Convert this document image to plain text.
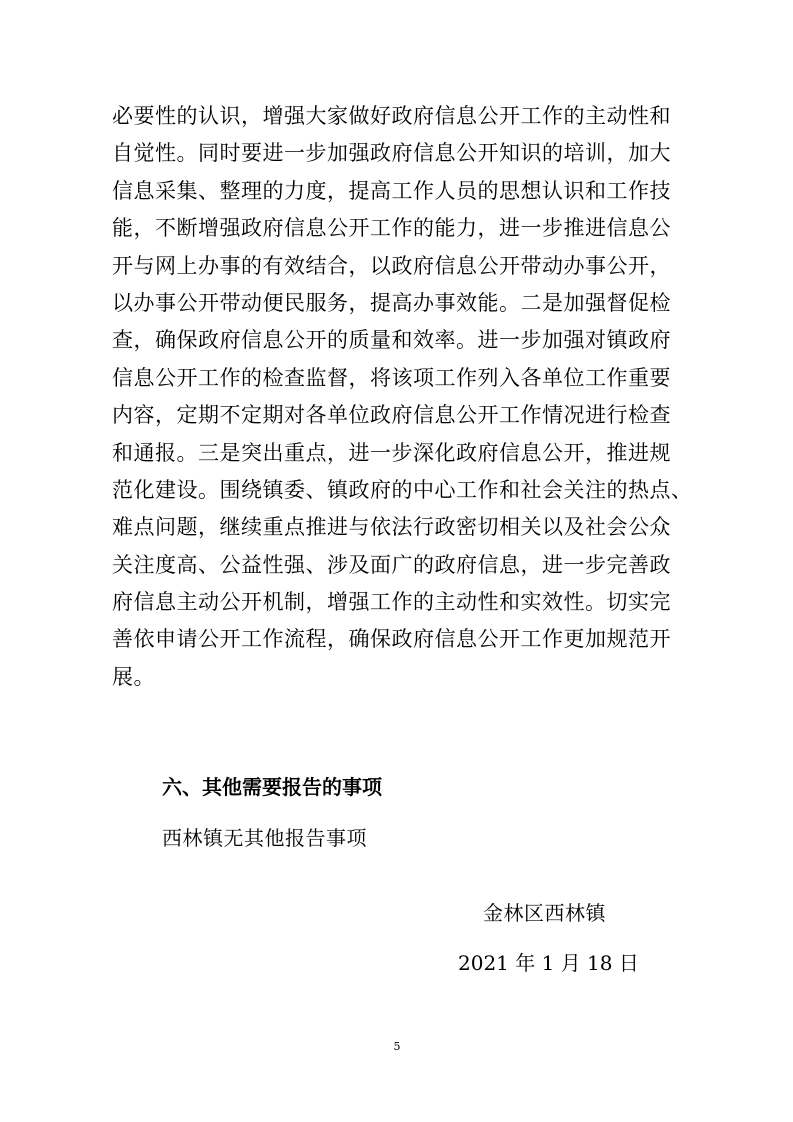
必要性的认识，增强大家做好政府信息公开工作的主动性和
自觉性。同时要进一步加强政府信息公开知识的培训，加大
信息采集、整理的力度，提高工作人员的思想认识和工作技
能，不断增强政府信息公开工作的能力，进一步推进信息公
开与网上办事的有效结合，以政府信息公开带动办事公开，
以办事公开带动便民服务，提高办事效能。二是加强督促检
查，确保政府信息公开的质量和效率。进一步加强对镇政府
信息公开工作的检查监督，将该项工作列入各单位工作重要
内容，定期不定期对各单位政府信息公开工作情况进行检查
和通报。三是突出重点，进一步深化政府信息公开，推进规
范化建设。围绕镇委、镇政府的中心工作和社会关注的热点、
难点问题，继续重点推进与依法行政密切相关以及社会公众
关注度高、公益性强、涉及面广的政府信息，进一步完善政
府信息主动公开机制，增强工作的主动性和实效性。切实完
善依申请公开工作流程，确保政府信息公开工作更加规范开
展。
六、其他需要报告的事项
西林镇无其他报告事项
金林区西林镇
2021 年 1 月 18 日
5
